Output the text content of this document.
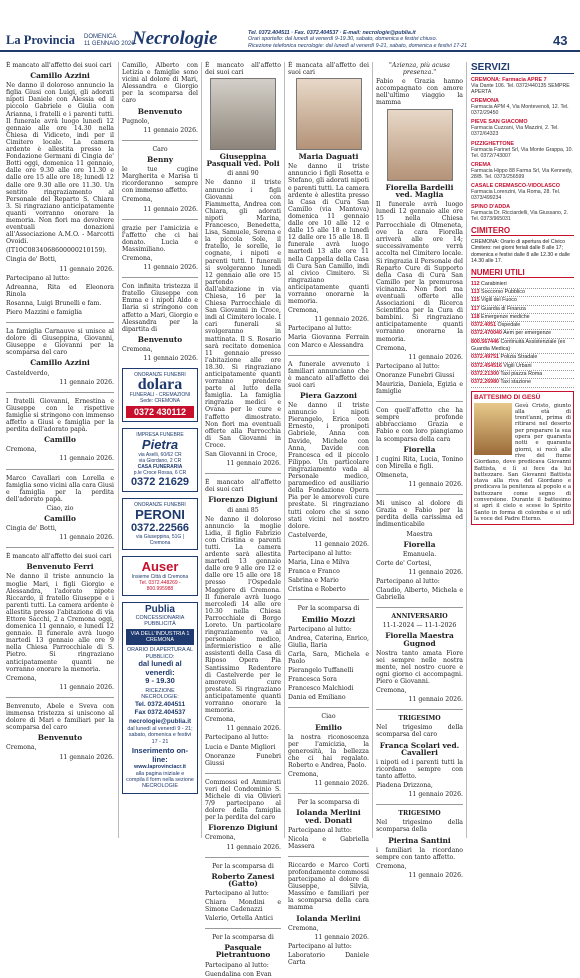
La Provincia DOMENICA
11 GENNAIO 2026
Necrologie	Tel. 0372.404511 · Fax. 0372.404537 · E-mail: necrologie@publia.it
Orari sportello: dal lunedì al venerdì 9-19.30, sabato, domenica e festivi chiuso.
Ricezione telefonica necrologie: dal lunedì al venerdì 9-21, sabato, domenica e festivi 17-21	43

È mancato all'affetto dei suoi cari

Camillo Azzini

Ne danno il doloroso annuncio la figlia Giusi con Luigi, gli adorati nipoti Daniele con Alessia ed il piccolo Gabriele e Giulia con Arianna, i fratelli e i parenti tutti. Il funerale avrà luogo lunedì 12 gennaio alle ore 14.30 nella Chiesa di Vidiceto, indi per il Cimitero locale. La camera ardente è allestita presso la Fondazione Germani di Cingia de' Botti oggi, domenica 11 gennaio, dalle ore 9.30 alle ore 11.30 e dalle ore 15 alle ore 18; lunedì 12 dalle ore 9.30 alle ore 11.30. Un sentito ringraziamento al Personale del Reparto S. Chiara 3. Si ringraziano anticipatamente quanti vorranno onorare la memoria. Non fiori ma devolvere eventuali donazioni all'Associazione A.M.O. - Marcotti Ovoidi.

(IT10C0834068600000210159).

Cingia de' Botti,

11 gennaio 2026.

Partecipano al lutto:

Adreanna, Rita ed Eleonora Rinola

Rosanna, Luigi Brunelli e fam.

Piero Mazzini e famiglia

La famiglia Carnauve si unisce al dolore di Giuseppina, Giovanni, Giuseppe e Giovanni per la scomparsa del caro

Camillo Azzini

Casteldverdo,

11 gennaio 2026.

I fratelli Giovanni, Ernestina e Giuseppe con le rispettive famiglie si stringono con immenso affetto a Giusi e famiglia per la perdita dell'adorato papà.

Camillo

Cremona,

11 gennaio 2026.

Marco Cavallari con Lorella e famiglia sono vicini alla cara Giusi e famiglia per la perdita dell'adorato papà.

Ciao, zio

Camillo

Cingia de' Botti,

11 gennaio 2026.

È mancato all'affetto dei suoi cari

Benvenuto Ferri

Ne danno il triste annuncio la moglie Mari, i figli Giorgio e Alessandra, l'adorato nipote Riccardo, il fratello Giuseppe e i parenti tutti. La camera ardente è allestita presso l'abitazione di via Ettore Sacchi, 2 a Cremona oggi, domenica 11 gennaio, e lunedì 12 gennaio. Il funerale avrà luogo martedì 13 gennaio alle ore 9 nella Chiesa Parrocchiale di S. Pietro. Si ringraziano anticipatamente quanti ne vorranno onorare la memoria.

Cremona,

11 gennaio 2026.

Benvenuto, Abele e Sveva con immensa tristezza si uniscono al dolore di Mari e familiari per la scomparsa del caro

Benvenuto

Cremona,

11 gennaio 2026.

Camillo, Alberto con Letizia e famiglie sono vicini al dolore di Mari, Alessandra e Giorgio per la scomparsa del caro

Benvenuto

Pugnolo,

11 gennaio 2026.

Caro

Benny

le tue cugine Margherita e Marisa ti ricorderanno sempre con immenso affetto.

Cremona,

11 gennaio 2026.

grazie per l'amicizia e l'affetto che ci hai donato. Lucia e Massimiliano.

Cremona,

11 gennaio 2026.

Con infinita tristezza il fratello Giuseppe con Emma e i nipoti Aldo e Ilaria si stringono con affetto a Mari, Giorgio e Alessandra per la dipartita di

Benvenuto

Cremona,

11 gennaio 2026.

ONORANZE FUNEBRI
dolara
FUNERALI - CREMAZIONI
Sede: CREMONA
0372 430112
IMPRESA FUNEBRE
Pietra
via Aselli, 60/62 CR
via Giordano, 2 CR
CASA FUNERARIA
p.le Croce Rossa, 6 CR
0372 21629
ONORANZE FUNEBRI
PERONI
0372.22566
via Giuseppina, 51G | Cremona
Auser
Insieme Città di Cremona
Tel. 0372.448269 - 800.995988
Publia
CONCESSIONARIA PUBBLICITÀ
VIA DELL'INDUSTRIA 1 CREMONA
ORARIO DI APERTURA AL PUBBLICO:
dal lunedì al venerdì:
9 - 19.30
RICEZIONE NECROLOGIE:
Tel. 0372.404511
Fax 0372.404537
necrologie@publia.it
dal lunedì al venerdì 9 - 21; sabato, domenica e festivi 17 - 21
Inserimento on-line:
www.laprovinciacr.it
alla pagina iniziale e compila il form nella sezione NECROLOGIE

È mancato all'affetto dei suoi cari

Giuseppina Pasquali ved. Poli

di anni 90

Ne danno il triste annuncio i figli Giovanni con Fiammetta, Andrea con Chiara, gli adorati nipoti Marina, Francesco, Benedetta, Lisa, Samuele, Serena e la piccola Sole, il fratello, le sorelle, le cognate, i nipoti e parenti tutti. I funerali si svolgeranno lunedì 12 gennaio alle ore 15 partendo dall'abitazione in via Chiesa, 16 per la Chiesa Parrocchiale di San Giovanni in Croce, indi al Cimitero locale. I cari funerali si svolgeranno in mattinata. Il S. Rosario sarà recitato domenica 11 gennaio presso l'abitazione alle ore 18.30. Si ringraziano anticipatamente quanti vorranno prendere parte al lutto della famiglia. La famiglia ringrazia medici e Ovana per le cure e l'affetto dimostrato. Non fiori ma eventuali offerte alla Parrocchia di San Giovanni in Croce.

San Giovanni in Croce,

11 gennaio 2026.

È mancato all'affetto dei suoi cari

Fiorenzo Digiuni

di anni 85

Ne danno il doloroso annuncio la moglie Lidia, il figlio Fabrizio con Cristina e parenti tutti. La camera ardente sarà allestita martedì 13 gennaio dalle ore 9 alle ore 12 e dalle ore 15 alle ore 18 presso l'Ospedale Maggiore di Cremona. Il funerale avrà luogo mercoledì 14 alle ore 10.30 nella Chiesa Parrocchiale di Borgo Loreto. Un particolare ringraziamento va al personale medico, infermieristico e alle assistenti della Casa di Riposo Opera Pia Santissimo Redentore di Castelverde per le amorevoli cure prestate. Si ringraziano anticipatamente quanti vorranno onorare la memoria.

Cremona,

11 gennaio 2026.

Partecipano al lutto:

Lucia e Dante Migliori

Onoranze Funebri Giussi

Commossi ed Ammirati veri del Condominio S. Michele di via Olivieri 7/9 partecipano al dolore della famiglia per la perdita del caro

Fiorenzo Digiuni

Cremona,

11 gennaio 2026.

Per la scomparsa di

Roberto Zanesi (Gatto)

Partecipano al lutto:

Chiara Mondini e Simone Cadenazzi

Valerio, Ortella Antici

Per la scomparsa di

Pasquale Pietrantuono

Partecipano al lutto:

Guendalina con Evan

È mancata all'affetto dei suoi cari

Maria Daguati

Ne danno il triste annuncio i figli Rosetta e Stefano, gli adorati nipoti e parenti tutti. La camera ardente è allestita presso la Casa di Cura San Camillo (via Mantova) domenica 11 gennaio dalle ore 10 alle 12 e dalle 15 alle 18 e lunedì 12 dalle ore 15 alle 18. Il funerale avrà luogo martedì 13 alle ore 11 nella Cappella della Casa di Cura San Camillo, indi al civico Cimitero. Si ringraziano anticipatamente quanti vorranno onorarne la memoria.

Cremona,

11 gennaio 2026.

Partecipano al lutto:

Maria Giovanna Ferrain con Marco e Alessandra

A funerale avvenuto i familiari annunciano che è mancato all'affetto dei suoi cari

Piera Gazzoni

Ne danno il triste annuncio i nipoti Pierangelo, Erica con Ernesto, i pronipoti Gabriele, Anna con Davide, Michele con Anna, Davide con Francesca ed il piccolo Filippo. Un particolare ringraziamento vada al Personale medico, paramedico ed ausiliario della Fondazione Opera Pia per le amorevoli cure prestate. Si ringraziano tutti coloro che si sono stati vicini nel nostro dolore.

Castelverde,

11 gennaio 2026.

Partecipano al lutto:

Maria, Lina e Milva

Franca e Franco

Sabrina e Mario

Cristina e Roberto

Per la scomparsa di

Emilio Mozzi

Partecipano al lutto:

Andrea, Caterina, Enrico, Giulia, Ilaria

Carla, Sara, Michela e Paolo

Pierangelo Tuffanelli

Francesca Sora

Francesco Malchiodi

Dania ed Emiliano

Ciao

Emilio

la nostra riconoscenza per l'amicizia, la generosità, la bellezza che ci hai regalato. Roberto e Andrea, Paolo.

Cremona,

11 gennaio 2026.

Per la scomparsa di

Iolanda Merlini ved. Donati

Partecipano al lutto:

Nicola e Gabriella Massera

Riccardo e Marco Corti profondamente commossi partecipano al dolore di Giuseppe, Silvia, Massimo e familiari per la scomparsa della cara mamma

Iolanda Merlini

Cremona,

11 gennaio 2026.

Partecipano al lutto:

Laboratorio Daniele Carta

"Azienza, più acusa presenza."

Fabio e Grazia hanno accompagnato con amore nell'ultimo viaggio la mamma

Fiorella Bardelli ved. Maglia

Il funerale avrà luogo lunedì 12 gennaio alle ore 15 nella Chiesa Parrocchiale di Olmeneta, ove la cara Fiorella arriverà alle ore 14; successivamente verrà accolta nel Cimitero locale. Si ringrazia il Personale del Reparto Cure di Supporto della Casa di Cura San Camillo per la premurosa vicinanza. Non fiori ma eventuali offerte alle Associazioni di Ricerca Scientifica per la Cura di bambini. Si ringraziano anticipatamente quanti vorranno onorarne la memoria.

Cremona,

11 gennaio 2026.

Partecipano al lutto:

Onoranze Funebri Giussi

Maurizia, Daniela, Egizia e famiglie

Con quell'affetto che ha sempre profonde abbracciamo Grazia e Fabio e con loro piangiamo la scomparsa della cara

Fiorella

I cugini Rita, Lucia, Tonino con Mirella e figli.

Olmeneta,

11 gennaio 2026.

Mi unisco al dolore di Grazia e Fabio per la perdita della carissima ed indimenticabile

Maestra

Fiorella

Emanuela.

Corte de' Cortesi,

11 gennaio 2026.

Partecipano al lutto:

Claudio, Alberto, Michela e Gabriella

ANNIVERSARIO

11-1-2024 — 11-1-2026

Fiorella Maestra Gugnod

Nostra tanto amata Fiore sei sempre nelle nostra mente, nel nostro cuore e ogni giorno ci accompagni. Piero e Giovanni.

Cremona,

11 gennaio 2026.

TRIGESIMO

Nel trigesimo della scomparsa del caro

Franca Scolari ved. Cavalleri

i nipoti ed i parenti tutti la ricordano sempre con tanto affetto.

Piadena Drizzona,

11 gennaio 2026.

TRIGESIMO

Nel trigesimo della scomparsa della

Pierina Santini

i familiari la ricordano sempre con tanto affetto.

Cremona,

11 gennaio 2026.

SERVIZI
CREMONA: Farmacia APRE 7
Via Dante 106. Tel. 0372/440135 SEMPRE APERTA
CREMONA
Farmacia APM 4, Via Montevenoli, 12. Tel. 0372/29450
PIEVE SAN GIACOMO
Farmacia Cuzzani, Via Mazzini, 2. Tel. 0372/64323
PIZZIGHETTONE
Farmacia Farinet Srl, Via Monte Grappa, 10. Tel. 0372/743007
CREMA
Farmacia Hippo 88 Farma Srl, Via Kennedy, 28/B. Tel. 0373/256599
CASALE CREMASCO-VIDOLASCO
Farmacia Lorenzini, Via Roma, 28. Tel. 0373/499234
SPINO D'ADDA
Farmacia Dr. Ricciardelli, Via Giussano, 2. Tel. 0373/965031
CIMITERO
CREMONA: Orario di apertura del Civico Cimitero: nei giorni feriali dalle 8 alle 17; domenica e festivi dalle 8 alle 12.30 e dalle 14.30 alle 17.
NUMERI UTILI
112 Carabinieri
113 Soccorso Pubblico
115 Vigili del Fuoco
117 Guardia di Finanza
118 Emergenze mediche
0372.4051 Ospedale
0372.470040 Aem per emergenze
800.567446 Continuità Assistenziale (ex Guardia Medica)
0372.49751 Polizia Stradale
0372.454516 Vigili Urbani
0372.21300 Taxi piazza Roma
0372.26980 Taxi stazione
BATTESIMO DI GESÙ
Gesù Cristo, giunto alla età di trent'anni, prima di ritirarsi nel deserto per preparare la sua opera per quaranta notti e quaranta giorni, si recò alle rive del fiume Giordano, dove predicava Giovanni Battista, e lì si fece da lui battezzare. San Giovanni Battista stava alla riva del Giordano e predicava la penitenza al popolo e a battezzare come segno di conversione. Durante il battesimo si aprì il cielo e scese lo Spirito Santo in forma di colomba e si udì la voce del Padre Eterno.
